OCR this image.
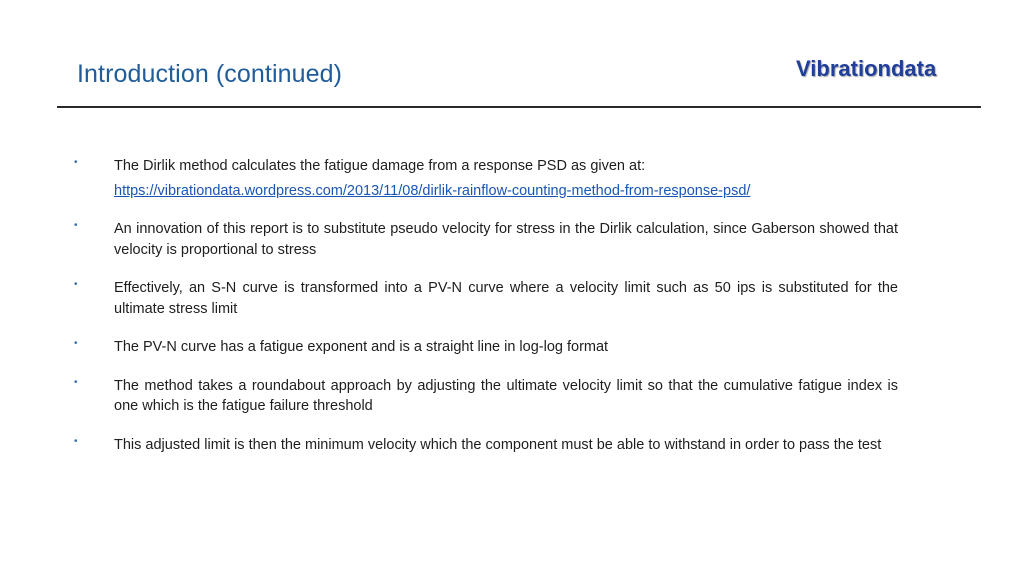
Introduction (continued)	Vibrationdata
•	The Dirlik method calculates the fatigue damage from a response PSD as given at:
https://vibrationdata.wordpress.com/2013/11/08/dirlik-rainflow-counting-method-from-response-psd/
•	An innovation of this report is to substitute pseudo velocity for stress in the Dirlik calculation, since Gaberson showed that velocity is proportional to stress
•	Effectively, an S-N curve is transformed into a PV-N curve where a velocity limit such as 50 ips is substituted for the ultimate stress limit
•	The PV-N curve has a fatigue exponent and is a straight line in log-log format
•	The method takes a roundabout approach by adjusting the ultimate velocity limit so that the cumulative fatigue index is one which is the fatigue failure threshold
•	This adjusted limit is then the minimum velocity which the component must be able to withstand in order to pass the test
